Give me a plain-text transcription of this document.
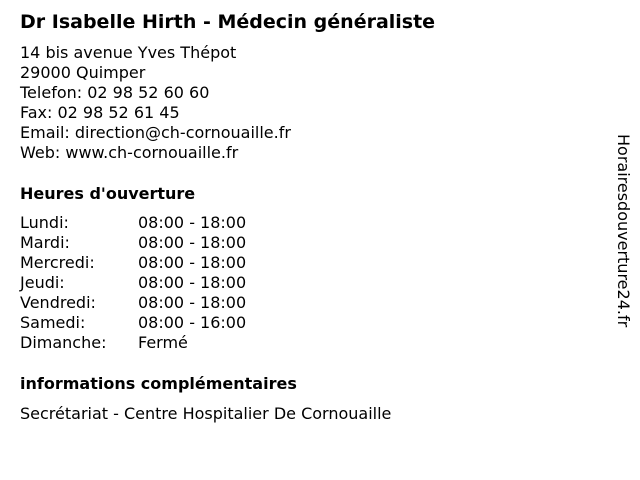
Dr Isabelle Hirth - Médecin généraliste
14 bis avenue Yves Thépot
29000 Quimper
Telefon: 02 98 52 60 60
Fax: 02 98 52 61 45
Email: direction@ch-cornouaille.fr
Web: www.ch-cornouaille.fr
Heures d'ouverture
Lundi:	08:00 - 18:00
Mardi:	08:00 - 18:00
Mercredi:	08:00 - 18:00
Jeudi:	08:00 - 18:00
Vendredi:	08:00 - 18:00
Samedi:	08:00 - 16:00
Dimanche:	Fermé
informations complémentaires
Secrétariat - Centre Hospitalier De Cornouaille
Horairesdouverture24.fr
